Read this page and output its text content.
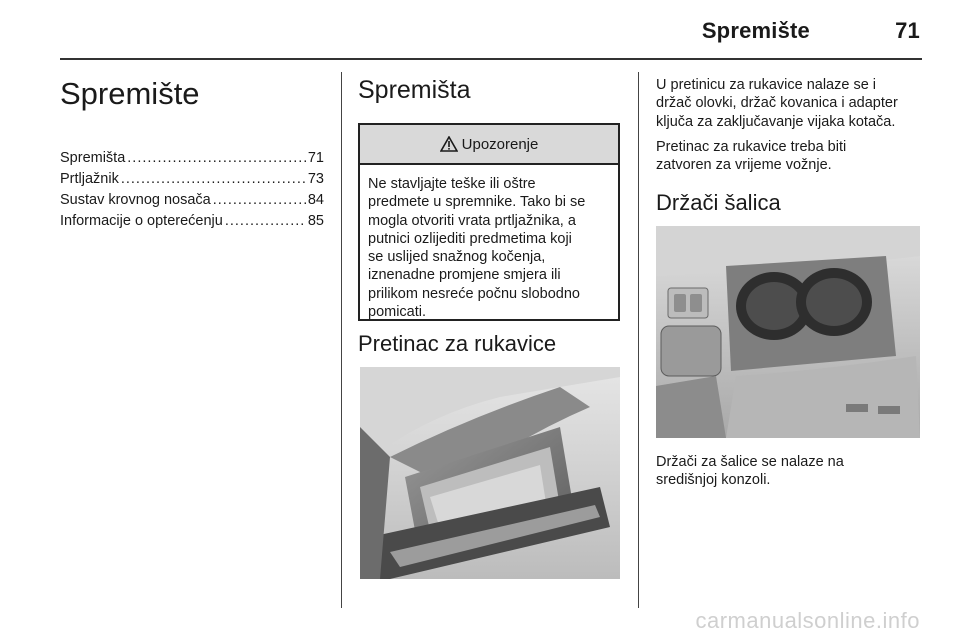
Spremište	71
Spremište
Spremišta .....	71
Prtljažnik .....	73
Sustav krovnog nosača .....	84
Informacije o opterećenju .....	85
Spremišta
Upozorenje
Ne stavljajte teške ili oštre
predmete u spremnike. Tako bi se
mogla otvoriti vrata prtljažnika, a
putnici ozlijediti predmetima koji
se uslijed snažnog kočenja,
iznenadne promjene smjera ili
prilikom nesreće počnu slobodno
pomicati.
Pretinac za rukavice

U pretinicu za rukavice nalaze se i
držač olovki, držač kovanica i adapter
ključa za zaključavanje vijaka kotača.

Pretinac za rukavice treba biti
zatvoren za vrijeme vožnje.

Držači šalica
Držači za šalice se nalaze na
središnjoj konzoli.
carmanualsonline.info
